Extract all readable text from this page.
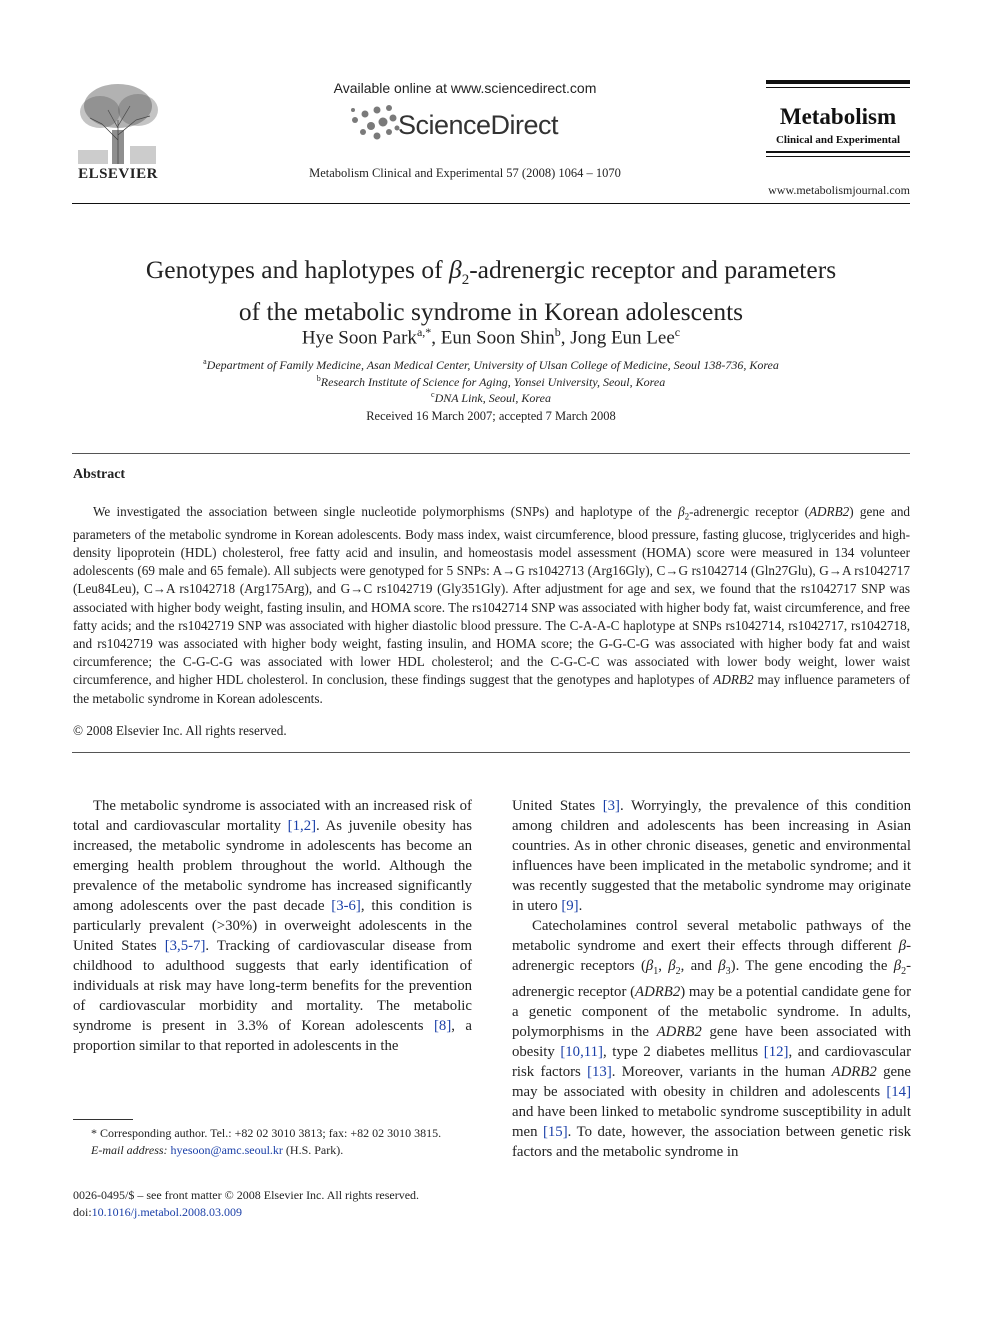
ELSEVIER
Available online at www.sciencedirect.com
ScienceDirect
Metabolism Clinical and Experimental 57 (2008) 1064 – 1070
Metabolism
Clinical and Experimental
www.metabolismjournal.com
Genotypes and haplotypes of $\beta_2$-adrenergic receptor and parameters
of the metabolic syndrome in Korean adolescents
Hye Soon Park$^{a,*}$, Eun Soon Shin$^b$, Jong Eun Lee$^c$
$^a$Department of Family Medicine, Asan Medical Center, University of Ulsan College of Medicine, Seoul 138-736, Korea
$^b$Research Institute of Science for Aging, Yonsei University, Seoul, Korea
$^c$DNA Link, Seoul, Korea
Received 16 March 2007; accepted 7 March 2008
Abstract
We investigated the association between single nucleotide polymorphisms (SNPs) and haplotype of the $\beta_2$-adrenergic receptor (ADRB2) gene and parameters of the metabolic syndrome in Korean adolescents. Body mass index, waist circumference, blood pressure, fasting glucose, triglycerides and high-density lipoprotein (HDL) cholesterol, free fatty acid and insulin, and homeostasis model assessment (HOMA) score were measured in 134 volunteer adolescents (69 male and 65 female). All subjects were genotyped for 5 SNPs: A→G rs1042713 (Arg16Gly), C→G rs1042714 (Gln27Glu), G→A rs1042717 (Leu84Leu), C→A rs1042718 (Arg175Arg), and G→C rs1042719 (Gly351Gly). After adjustment for age and sex, we found that the rs1042717 SNP was associated with higher body weight, fasting insulin, and HOMA score. The rs1042714 SNP was associated with higher body fat, waist circumference, and free fatty acids; and the rs1042719 SNP was associated with higher diastolic blood pressure. The C-A-A-C haplotype at SNPs rs1042714, rs1042717, rs1042718, and rs1042719 was associated with higher body weight, fasting insulin, and HOMA score; the G-G-C-G was associated with higher body fat and waist circumference; the C-G-C-G was associated with lower HDL cholesterol; and the C-G-C-C was associated with lower body weight, lower waist circumference, and higher HDL cholesterol. In conclusion, these findings suggest that the genotypes and haplotypes of ADRB2 may influence parameters of the metabolic syndrome in Korean adolescents.
© 2008 Elsevier Inc. All rights reserved.

The metabolic syndrome is associated with an increased risk of total and cardiovascular mortality [1,2]. As juvenile obesity has increased, the metabolic syndrome in adolescents has become an emerging health problem throughout the world. Although the prevalence of the metabolic syndrome has increased significantly among adolescents over the past decade [3-6], this condition is particularly prevalent (>30%) in overweight adolescents in the United States [3,5-7]. Tracking of cardiovascular disease from childhood to adulthood suggests that early identification of individuals at risk may have long-term benefits for the prevention of cardiovascular morbidity and mortality. The metabolic syndrome is present in 3.3% of Korean adolescents [8], a proportion similar to that reported in adolescents in the

United States [3]. Worryingly, the prevalence of this condition among children and adolescents has been increasing in Asian countries. As in other chronic diseases, genetic and environmental influences have been implicated in the metabolic syndrome; and it was recently suggested that the metabolic syndrome may originate in utero [9].

Catecholamines control several metabolic pathways of the metabolic syndrome and exert their effects through different β-adrenergic receptors ($\beta_1$, $\beta_2$, and $\beta_3$). The gene encoding the $\beta_2$-adrenergic receptor (ADRB2) may be a potential candidate gene for a genetic component of the metabolic syndrome. In adults, polymorphisms in the ADRB2 gene have been associated with obesity [10,11], type 2 diabetes mellitus [12], and cardiovascular risk factors [13]. Moreover, variants in the human ADRB2 gene may be associated with obesity in children and adolescents [14] and have been linked to metabolic syndrome susceptibility in adult men [15]. To date, however, the association between genetic risk factors and the metabolic syndrome in

* Corresponding author. Tel.: +82 02 3010 3813; fax: +82 02 3010 3815.
E-mail address: hyesoon@amc.seoul.kr (H.S. Park).
0026-0495/$ – see front matter © 2008 Elsevier Inc. All rights reserved.
doi:10.1016/j.metabol.2008.03.009
